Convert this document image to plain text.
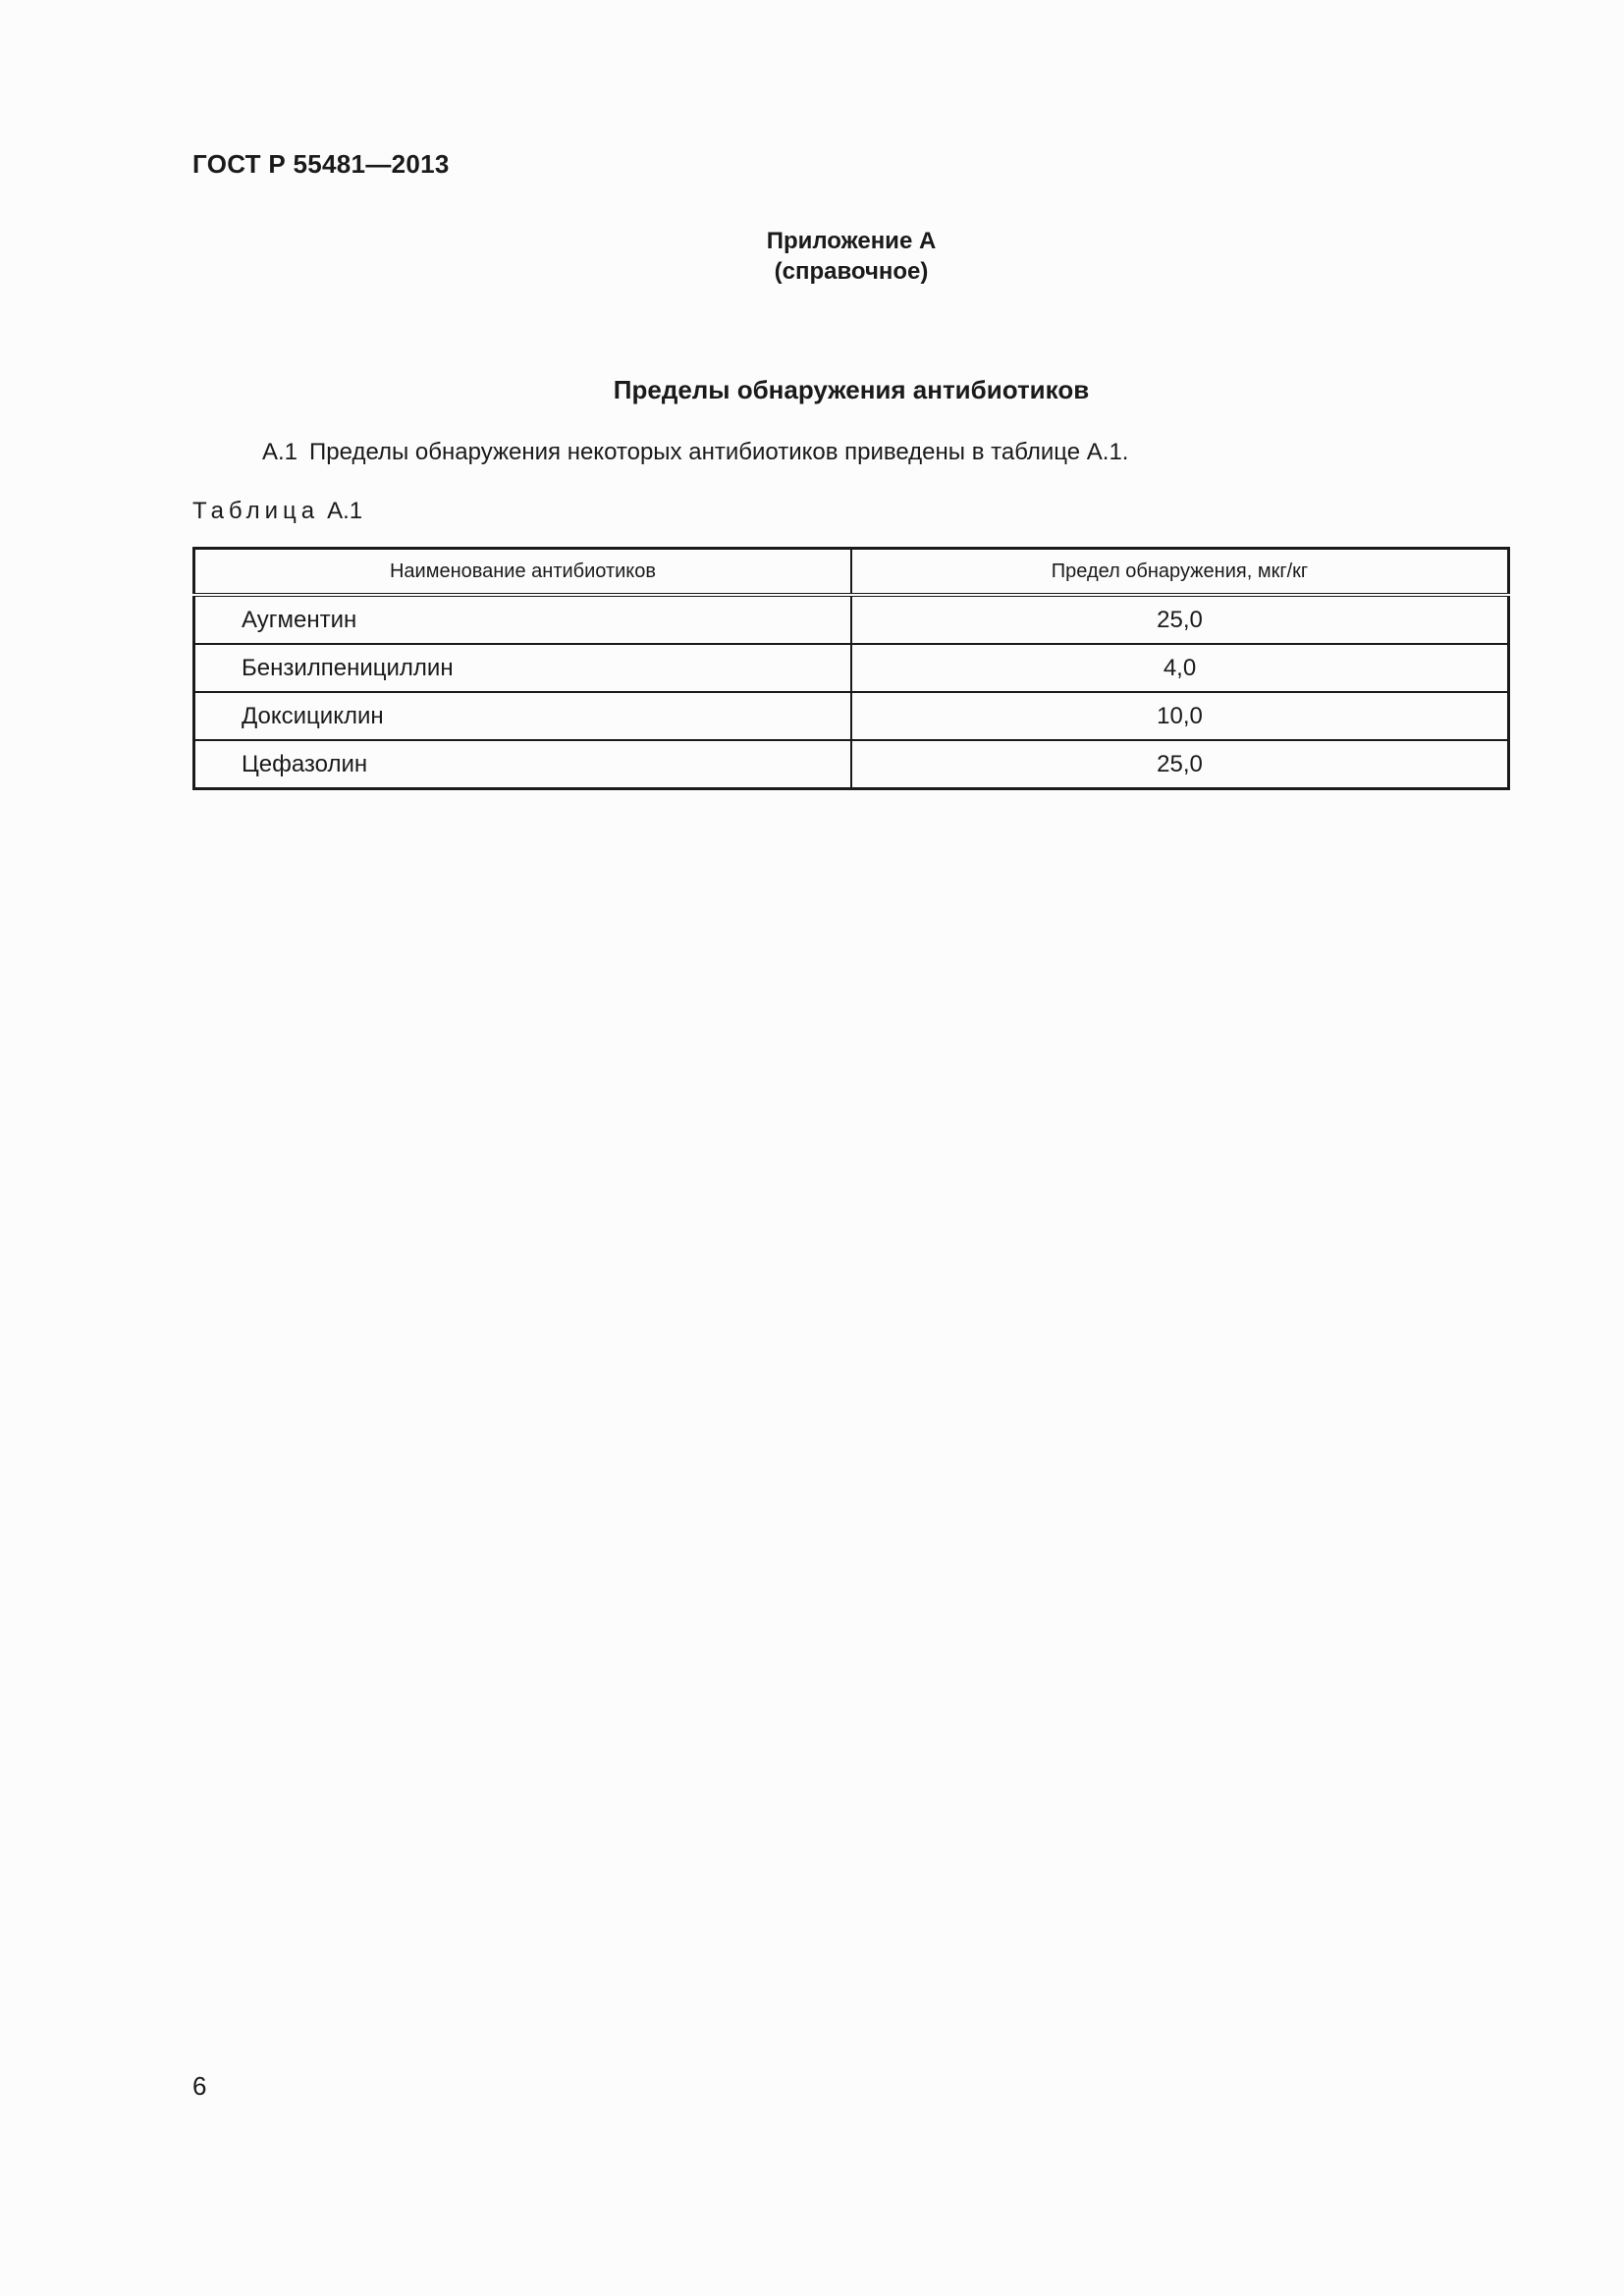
ГОСТ Р 55481—2013
Приложение А
(справочное)
Пределы обнаружения антибиотиков
А.1 Пределы обнаружения некоторых антибиотиков приведены в таблице А.1.
Таблица А.1
Наименование антибиотиков	Предел обнаружения, мкг/кг
Аугментин	25,0
Бензилпенициллин	4,0
Доксициклин	10,0
Цефазолин	25,0
6
